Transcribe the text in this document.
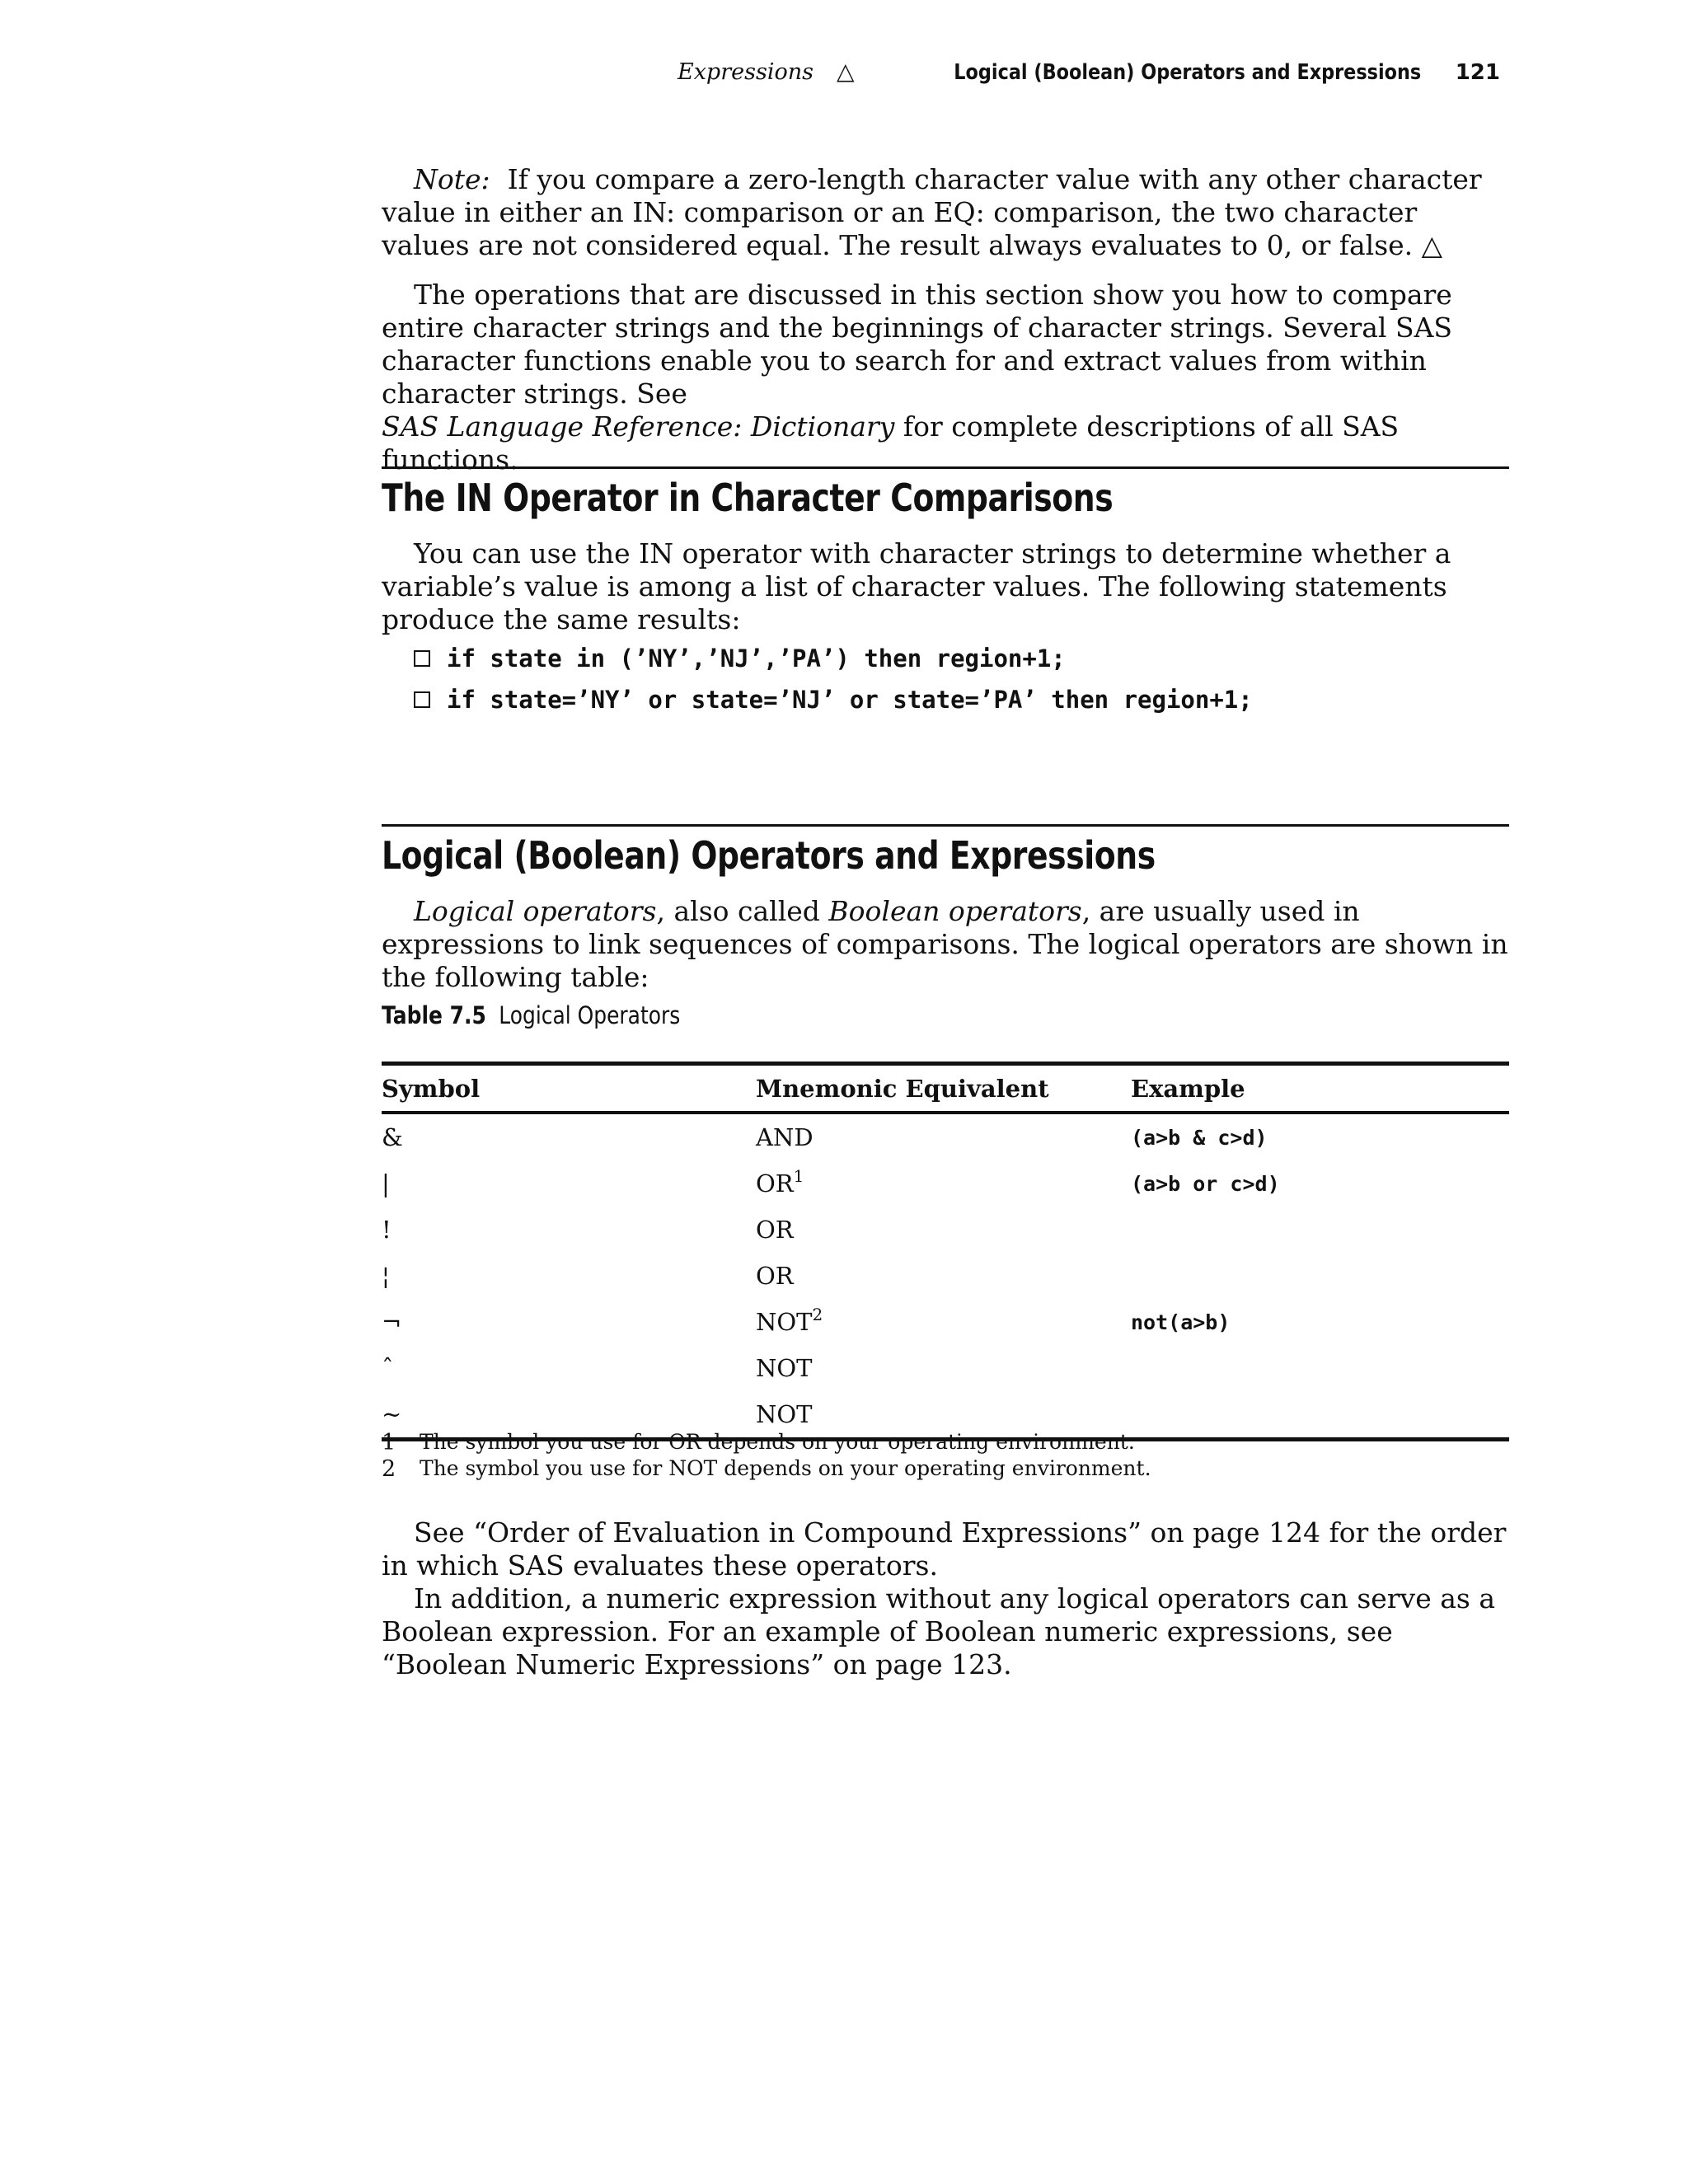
Expressions △	Logical (Boolean) Operators and Expressions 121

Note: If you compare a zero-length character value with any other character value in either an IN: comparison or an EQ: comparison, the two character values are not considered equal. The result always evaluates to 0, or false. △

The operations that are discussed in this section show you how to compare entire character strings and the beginnings of character strings. Several SAS character functions enable you to search for and extract values from within character strings. See
SAS Language Reference: Dictionary for complete descriptions of all SAS functions.

The IN Operator in Character Comparisons

You can use the IN operator with character strings to determine whether a variable’s value is among a list of character values. The following statements produce the same results:

if state in (’NY’,’NJ’,’PA’) then region+1;
if state=’NY’ or state=’NJ’ or state=’PA’ then region+1;
Logical (Boolean) Operators and Expressions

Logical operators, also called Boolean operators, are usually used in expressions to link sequences of comparisons. The logical operators are shown in the following table:

Table 7.5 Logical Operators
Symbol	Mnemonic Equivalent	Example
&	AND	(a>b & c>d)
|	$OR^1$	(a>b or c>d)
!	OR	
¦	OR	
¬	NOT$^2$	not(a>b)
ˆ	NOT	
~	NOT	
1	The symbol you use for OR depends on your operating environment.
2	The symbol you use for NOT depends on your operating environment.

See “Order of Evaluation in Compound Expressions” on page 124 for the order in which SAS evaluates these operators.

In addition, a numeric expression without any logical operators can serve as a Boolean expression. For an example of Boolean numeric expressions, see “Boolean Numeric Expressions” on page 123.
